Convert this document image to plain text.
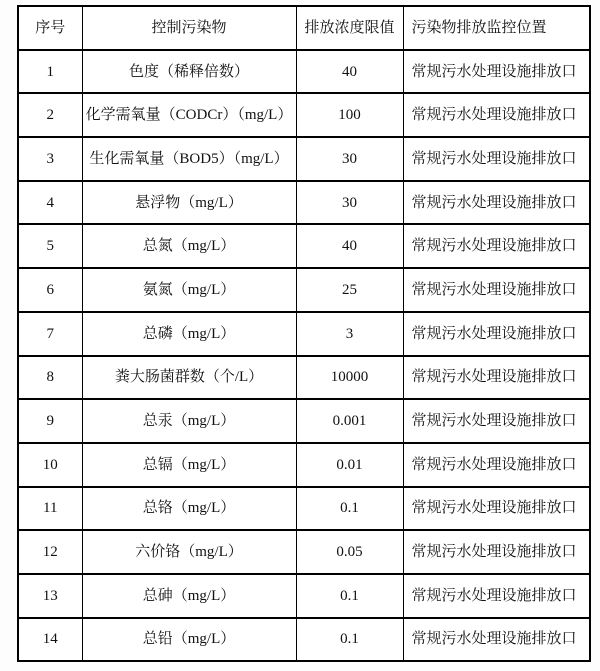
序号	控制污染物	排放浓度限值	污染物排放监控位置
1	色度（稀释倍数）	40	常规污水处理设施排放口
2	化学需氧量（CODCr）（mg/L）	100	常规污水处理设施排放口
3	生化需氧量（BOD5）（mg/L）	30	常规污水处理设施排放口
4	悬浮物（mg/L）	30	常规污水处理设施排放口
5	总氮（mg/L）	40	常规污水处理设施排放口
6	氨氮（mg/L）	25	常规污水处理设施排放口
7	总磷（mg/L）	3	常规污水处理设施排放口
8	粪大肠菌群数（个/L）	10000	常规污水处理设施排放口
9	总汞（mg/L）	0.001	常规污水处理设施排放口
10	总镉（mg/L）	0.01	常规污水处理设施排放口
11	总铬（mg/L）	0.1	常规污水处理设施排放口
12	六价铬（mg/L）	0.05	常规污水处理设施排放口
13	总砷（mg/L）	0.1	常规污水处理设施排放口
14	总铅（mg/L）	0.1	常规污水处理设施排放口
